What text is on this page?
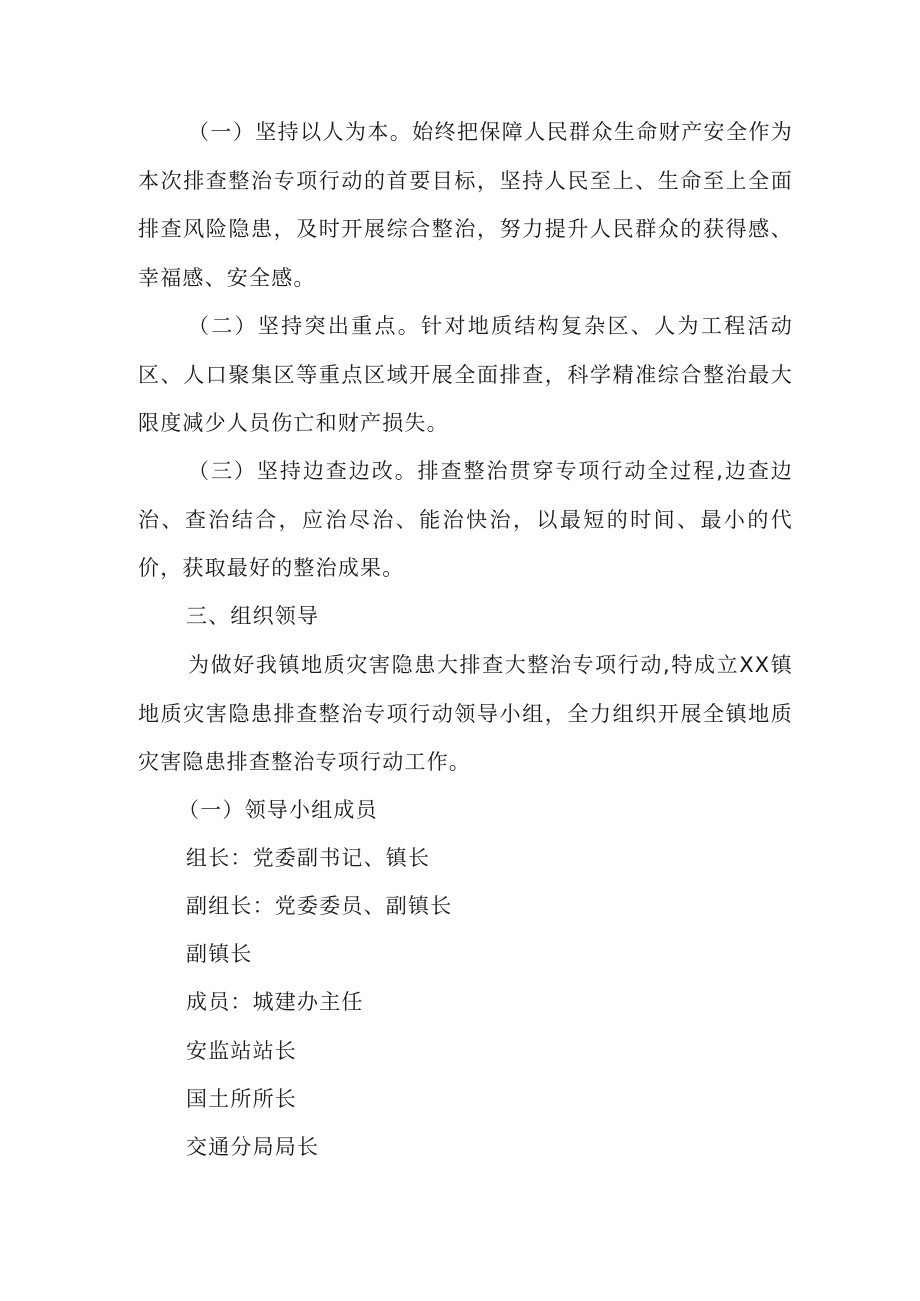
（一）坚持以人为本。始终把保障人民群众生命财产安全作为本次排查整治专项行动的首要目标，坚持人民至上、生命至上全面排查风险隐患，及时开展综合整治，努力提升人民群众的获得感、幸福感、安全感。

（二）坚持突出重点。针对地质结构复杂区、人为工程活动区、人口聚集区等重点区域开展全面排查，科学精准综合整治最大限度减少人员伤亡和财产损失。

（三）坚持边查边改。排查整治贯穿专项行动全过程,边查边治、查治结合，应治尽治、能治快治，以最短的时间、最小的代价，获取最好的整治成果。

三、组织领导

为做好我镇地质灾害隐患大排查大整治专项行动,特成立XX镇地质灾害隐患排查整治专项行动领导小组，全力组织开展全镇地质灾害隐患排查整治专项行动工作。

（一）领导小组成员

组长：党委副书记、镇长

副组长：党委委员、副镇长

副镇长

成员：城建办主任

安监站站长

国土所所长

交通分局局长
